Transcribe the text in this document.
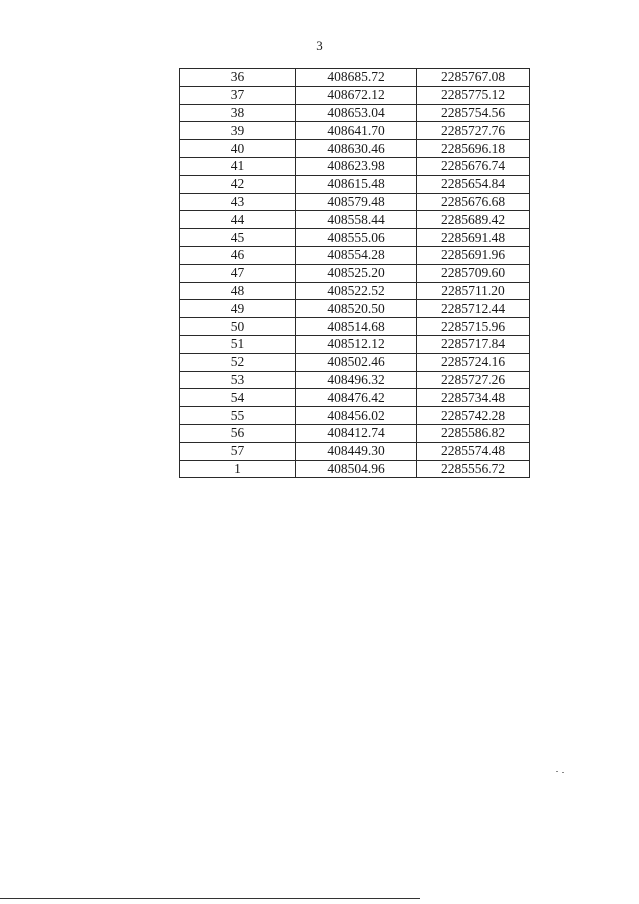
3
36	408685.72	2285767.08
37	408672.12	2285775.12
38	408653.04	2285754.56
39	408641.70	2285727.76
40	408630.46	2285696.18
41	408623.98	2285676.74
42	408615.48	2285654.84
43	408579.48	2285676.68
44	408558.44	2285689.42
45	408555.06	2285691.48
46	408554.28	2285691.96
47	408525.20	2285709.60
48	408522.52	2285711.20
49	408520.50	2285712.44
50	408514.68	2285715.96
51	408512.12	2285717.84
52	408502.46	2285724.16
53	408496.32	2285727.26
54	408476.42	2285734.48
55	408456.02	2285742.28
56	408412.74	2285586.82
57	408449.30	2285574.48
1	408504.96	2285556.72
